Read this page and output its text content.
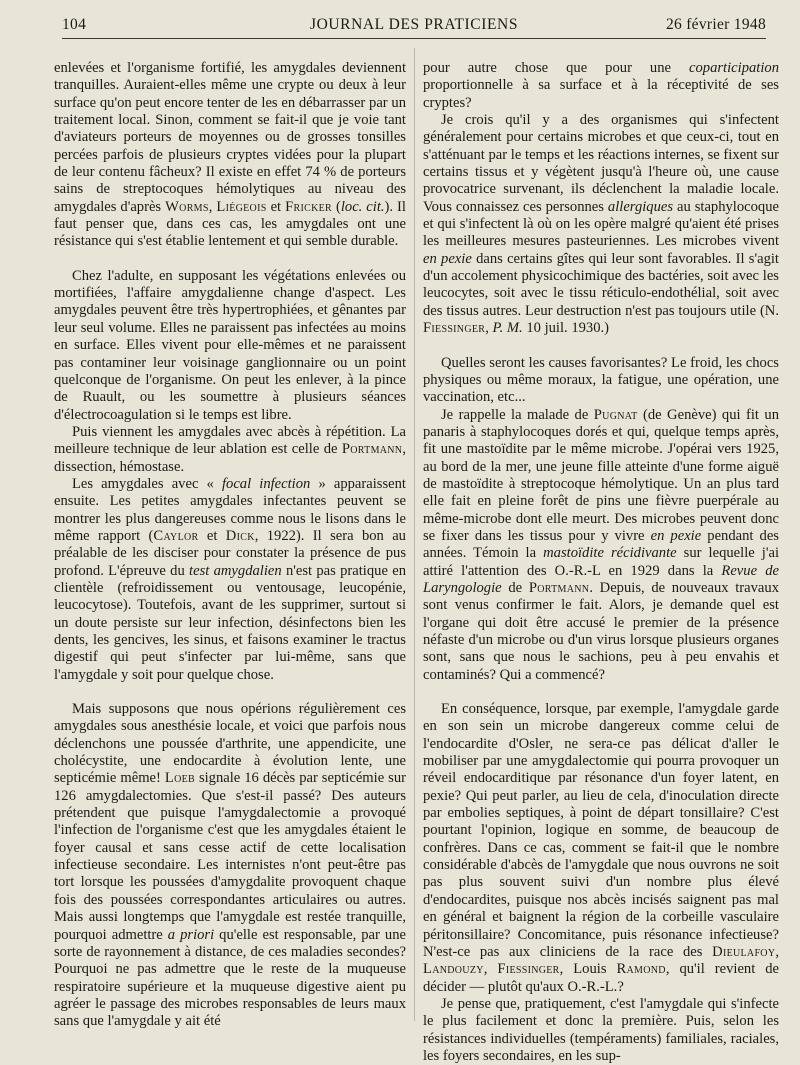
104	JOURNAL DES PRATICIENS	26 février 1948

enlevées et l'organisme fortifié, les amygdales deviennent tranquilles. Auraient-elles même une crypte ou deux à leur surface qu'on peut encore tenter de les en débarrasser par un traitement local. Sinon, comment se fait-il que je voie tant d'aviateurs porteurs de moyennes ou de grosses tonsilles percées parfois de plusieurs cryptes vidées pour la plupart de leur contenu fâcheux? Il existe en effet 74 % de porteurs sains de streptocoques hémolytiques au niveau des amygdales d'après Worms, Liégeois et Fricker (loc. cit.). Il faut penser que, dans ces cas, les amygdales ont une résistance qui s'est établie lentement et qui semble durable.

Chez l'adulte, en supposant les végétations enlevées ou mortifiées, l'affaire amygdalienne change d'aspect. Les amygdales peuvent être très hypertrophiées, et gênantes par leur seul volume. Elles ne paraissent pas infectées au moins en surface. Elles vivent pour elle-mêmes et ne paraissent pas contaminer leur voisinage ganglionnaire ou un point quelconque de l'organisme. On peut les enlever, à la pince de Ruault, ou les soumettre à plusieurs séances d'électrocoagulation si le temps est libre.

Puis viennent les amygdales avec abcès à répétition. La meilleure technique de leur ablation est celle de Portmann, dissection, hémostase.

Les amygdales avec « focal infection » apparaissent ensuite. Les petites amygdales infectantes peuvent se montrer les plus dangereuses comme nous le lisons dans le même rapport (Caylor et Dick, 1922). Il sera bon au préalable de les disciser pour constater la présence de pus profond. L'épreuve du test amygdalien n'est pas pratique en clientèle (refroidissement ou ventousage, leucopénie, leucocytose). Toutefois, avant de les supprimer, surtout si un doute persiste sur leur infection, désinfectons bien les dents, les gencives, les sinus, et faisons examiner le tractus digestif qui peut s'infecter par lui-même, sans que l'amygdale y soit pour quelque chose.

Mais supposons que nous opérions régulièrement ces amygdales sous anesthésie locale, et voici que parfois nous déclenchons une poussée d'arthrite, une appendicite, une cholécystite, une endocardite à évolution lente, une septicémie même! Loeb signale 16 décès par septicémie sur 126 amygdalectomies. Que s'est-il passé? Des auteurs prétendent que puisque l'amygdalectomie a provoqué l'infection de l'organisme c'est que les amygdales étaient le foyer causal et sans cesse actif de cette localisation infectieuse secondaire. Les internistes n'ont peut-être pas tort lorsque les poussées d'amygdalite provoquent chaque fois des poussées correspondantes articulaires ou autres. Mais aussi longtemps que l'amygdale est restée tranquille, pourquoi admettre a priori qu'elle est responsable, par une sorte de rayonnement à distance, de ces maladies secondes? Pourquoi ne pas admettre que le reste de la muqueuse respiratoire supérieure et la muqueuse digestive aient pu agréer le passage des microbes responsables de leurs maux sans que l'amygdale y ait été

pour autre chose que pour une coparticipation proportionnelle à sa surface et à la réceptivité de ses cryptes?

Je crois qu'il y a des organismes qui s'infectent généralement pour certains microbes et que ceux-ci, tout en s'atténuant par le temps et les réactions internes, se fixent sur certains tissus et y végètent jusqu'à l'heure où, une cause provocatrice survenant, ils déclenchent la maladie locale. Vous connaissez ces personnes allergiques au staphylocoque et qui s'infectent là où on les opère malgré qu'aient été prises les meilleures mesures pasteuriennes. Les microbes vivent en pexie dans certains gîtes qui leur sont favorables. Il s'agit d'un accolement physicochimique des bactéries, soit avec les leucocytes, soit avec le tissu réticulo-endothélial, soit avec des tissus autres. Leur destruction n'est pas toujours utile (N. Fiessinger, P. M. 10 juil. 1930.)

Quelles seront les causes favorisantes? Le froid, les chocs physiques ou même moraux, la fatigue, une opération, une vaccination, etc...

Je rappelle la malade de Pugnat (de Genève) qui fit un panaris à staphylocoques dorés et qui, quelque temps après, fit une mastoïdite par le même microbe. J'opérai vers 1925, au bord de la mer, une jeune fille atteinte d'une forme aiguë de mastoïdite à streptocoque hémolytique. Un an plus tard elle fait en pleine forêt de pins une fièvre puerpérale au même-microbe dont elle meurt. Des microbes peuvent donc se fixer dans les tissus pour y vivre en pexie pendant des années. Témoin la mastoïdite récidivante sur lequelle j'ai attiré l'attention des O.-R.-L en 1929 dans la Revue de Laryngologie de Portmann. Depuis, de nouveaux travaux sont venus confirmer le fait. Alors, je demande quel est l'organe qui doit être accusé le premier de la présence néfaste d'un microbe ou d'un virus lorsque plusieurs organes sont, sans que nous le sachions, peu à peu envahis et contaminés? Qui a commencé?

En conséquence, lorsque, par exemple, l'amygdale garde en son sein un microbe dangereux comme celui de l'endocardite d'Osler, ne sera-ce pas délicat d'aller le mobiliser par une amygdalectomie qui pourra provoquer un réveil endocarditique par résonance d'un foyer latent, en pexie? Qui peut parler, au lieu de cela, d'inoculation directe par embolies septiques, à point de départ tonsillaire? C'est pourtant l'opinion, logique en somme, de beaucoup de confrères. Dans ce cas, comment se fait-il que le nombre considérable d'abcès de l'amygdale que nous ouvrons ne soit pas plus souvent suivi d'un nombre plus élevé d'endocardites, puisque nos abcès incisés saignent pas mal en général et baignent la région de la corbeille vasculaire péritonsillaire? Concomitance, puis résonance infectieuse? N'est-ce pas aux cliniciens de la race des Dieulafoy, Landouzy, Fiessinger, Louis Ramond, qu'il revient de décider — plutôt qu'aux O.-R.-L.?

Je pense que, pratiquement, c'est l'amygdale qui s'infecte le plus facilement et donc la première. Puis, selon les résistances individuelles (tempéraments) familiales, raciales, les foyers secondaires, en les sup-
